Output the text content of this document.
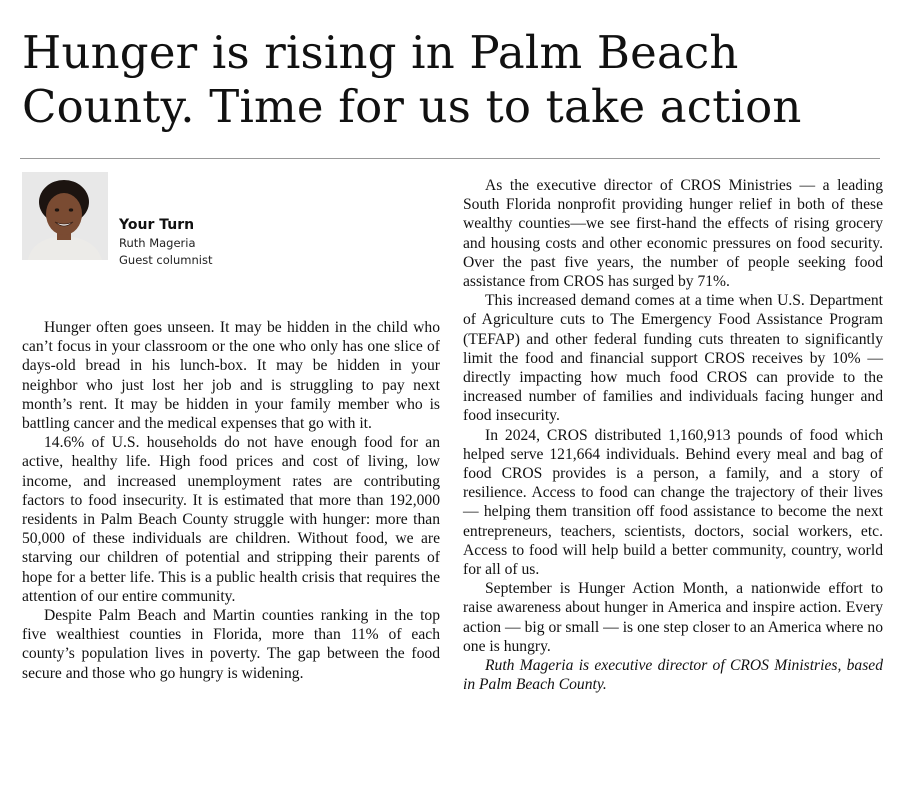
Hunger is rising in Palm Beach County. Time for us to take action
Your Turn
Ruth Mageria
Guest columnist

Hunger often goes unseen. It may be hidden in the child who can’t focus in your classroom or the one who only has one slice of days-old bread in his lunch-box. It may be hidden in your neighbor who just lost her job and is struggling to pay next month’s rent. It may be hidden in your family member who is battling cancer and the medical expenses that go with it.

14.6% of U.S. households do not have enough food for an active, healthy life. High food prices and cost of living, low income, and increased unemployment rates are contributing factors to food insecurity. It is estimated that more than 192,000 residents in Palm Beach County struggle with hunger: more than 50,000 of these individuals are children. Without food, we are starving our children of potential and stripping their parents of hope for a better life. This is a public health crisis that requires the attention of our entire community.

Despite Palm Beach and Martin counties ranking in the top five wealthiest counties in Florida, more than 11% of each county’s population lives in poverty. The gap between the food secure and those who go hungry is widening.

As the executive director of CROS Ministries — a leading South Florida nonprofit providing hunger relief in both of these wealthy counties—we see first-hand the effects of rising grocery and housing costs and other economic pressures on food security. Over the past five years, the number of people seeking food assistance from CROS has surged by 71%.

This increased demand comes at a time when U.S. Department of Agriculture cuts to The Emergency Food Assistance Program (TEFAP) and other federal funding cuts threaten to significantly limit the food and financial support CROS receives by 10% — directly impacting how much food CROS can provide to the increased number of families and individuals facing hunger and food insecurity.

In 2024, CROS distributed 1,160,913 pounds of food which helped serve 121,664 individuals. Behind every meal and bag of food CROS provides is a person, a family, and a story of resilience. Access to food can change the trajectory of their lives — helping them transition off food assistance to become the next entrepreneurs, teachers, scientists, doctors, social workers, etc. Access to food will help build a better community, country, world for all of us.

September is Hunger Action Month, a nationwide effort to raise awareness about hunger in America and inspire action. Every action — big or small — is one step closer to an America where no one is hungry.

Ruth Mageria is executive director of CROS Ministries, based in Palm Beach County.
